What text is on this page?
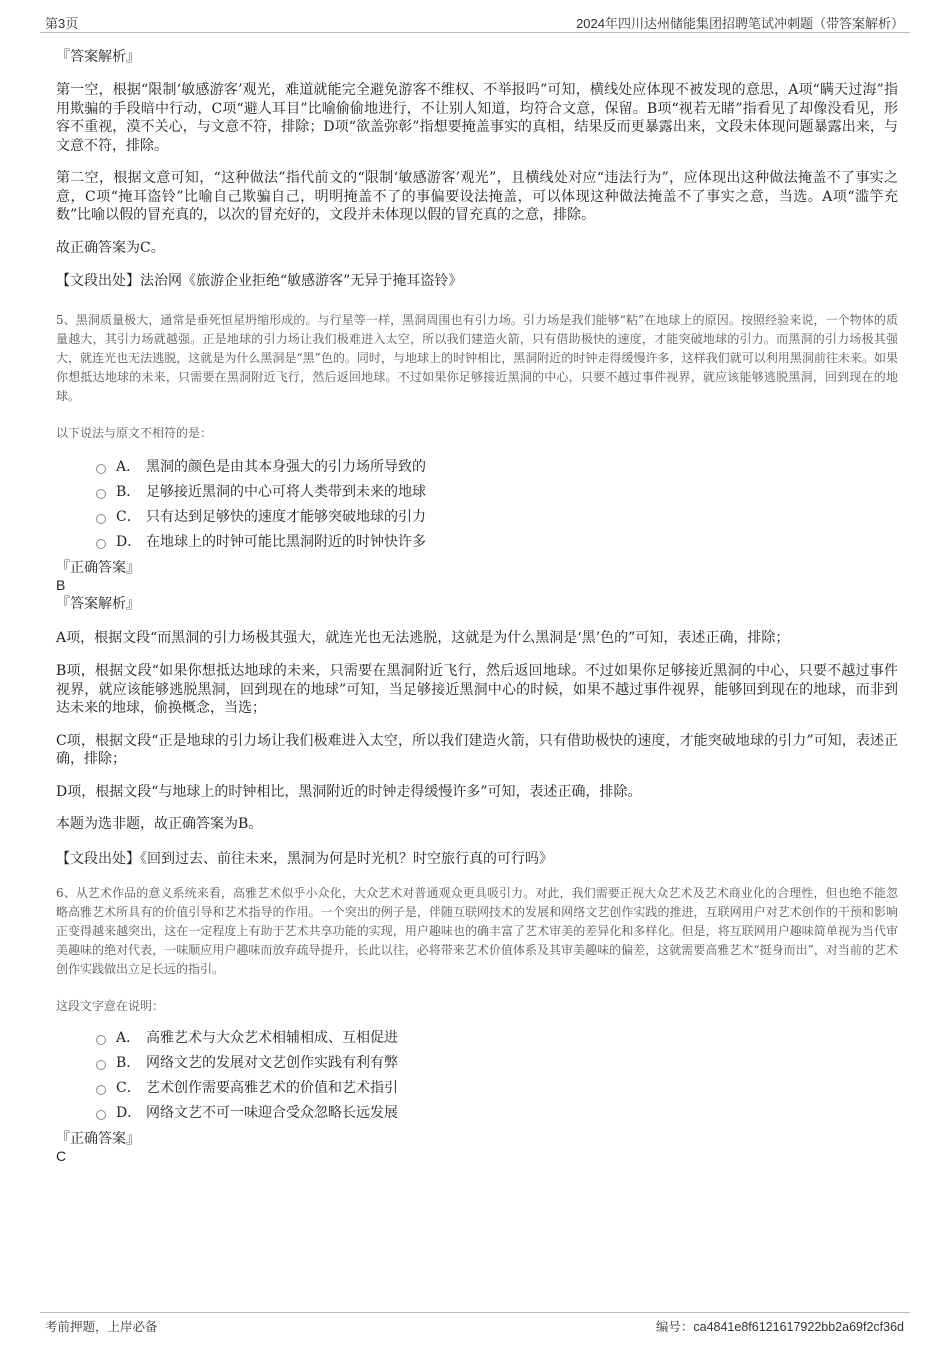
第3页	2024年四川达州储能集团招聘笔试冲刺题（带答案解析）

『答案解析』

第一空，根据“限制‘敏感游客’观光，难道就能完全避免游客不维权、不举报吗”可知，横线处应体现不被发现的意思，A项“瞒天过海”指用欺骗的手段暗中行动，C项“避人耳目”比喻偷偷地进行，不让别人知道，均符合文意，保留。B项“视若无睹”指看见了却像没看见，形容不重视，漠不关心，与文意不符，排除；D项“欲盖弥彰”指想要掩盖事实的真相，结果反而更暴露出来，文段未体现问题暴露出来，与文意不符，排除。

第二空，根据文意可知，“这种做法”指代前文的“限制‘敏感游客’观光”，且横线处对应“违法行为”，应体现出这种做法掩盖不了事实之意，C项“掩耳盗铃”比喻自己欺骗自己，明明掩盖不了的事偏要设法掩盖，可以体现这种做法掩盖不了事实之意，当选。A项“滥竽充数”比喻以假的冒充真的，以次的冒充好的，文段并未体现以假的冒充真的之意，排除。

故正确答案为C。

【文段出处】法治网《旅游企业拒绝“敏感游客”无异于掩耳盗铃》

5、黑洞质量极大，通常是垂死恒星坍缩形成的。与行星等一样，黑洞周围也有引力场。引力场是我们能够“粘”在地球上的原因。按照经验来说，一个物体的质量越大，其引力场就越强。正是地球的引力场让我们极难进入太空，所以我们建造火箭，只有借助极快的速度，才能突破地球的引力。而黑洞的引力场极其强大，就连光也无法逃脱，这就是为什么黑洞是“黑”色的。同时，与地球上的时钟相比，黑洞附近的时钟走得缓慢许多，这样我们就可以利用黑洞前往未来。如果你想抵达地球的未来，只需要在黑洞附近飞行，然后返回地球。不过如果你足够接近黑洞的中心，只要不越过事件视界，就应该能够逃脱黑洞，回到现在的地球。

以下说法与原文不相符的是：

A． 黑洞的颜色是由其本身强大的引力场所导致的
B． 足够接近黑洞的中心可将人类带到未来的地球
C． 只有达到足够快的速度才能够突破地球的引力
D． 在地球上的时钟可能比黑洞附近的时钟快许多

『正确答案』

B

『答案解析』

A项，根据文段“而黑洞的引力场极其强大，就连光也无法逃脱，这就是为什么黑洞是‘黑’色的”可知，表述正确，排除；

B项，根据文段“如果你想抵达地球的未来，只需要在黑洞附近飞行，然后返回地球。不过如果你足够接近黑洞的中心，只要不越过事件视界，就应该能够逃脱黑洞，回到现在的地球”可知，当足够接近黑洞中心的时候，如果不越过事件视界，能够回到现在的地球，而非到达未来的地球，偷换概念，当选；

C项，根据文段“正是地球的引力场让我们极难进入太空，所以我们建造火箭，只有借助极快的速度，才能突破地球的引力”可知，表述正确，排除；

D项，根据文段“与地球上的时钟相比，黑洞附近的时钟走得缓慢许多”可知，表述正确，排除。

本题为选非题，故正确答案为B。

【文段出处】《回到过去、前往未来，黑洞为何是时光机？时空旅行真的可行吗》

6、从艺术作品的意义系统来看，高雅艺术似乎小众化，大众艺术对普通观众更具吸引力。对此，我们需要正视大众艺术及艺术商业化的合理性，但也绝不能忽略高雅艺术所具有的价值引导和艺术指导的作用。一个突出的例子是，伴随互联网技术的发展和网络文艺创作实践的推进，互联网用户对艺术创作的干预和影响正变得越来越突出，这在一定程度上有助于艺术共享功能的实现，用户趣味也的确丰富了艺术审美的差异化和多样化。但是，将互联网用户趣味简单视为当代审美趣味的绝对代表，一味顺应用户趣味而放弃疏导提升，长此以往，必将带来艺术价值体系及其审美趣味的偏差，这就需要高雅艺术“挺身而出”，对当前的艺术创作实践做出立足长远的指引。

这段文字意在说明：

A． 高雅艺术与大众艺术相辅相成、互相促进
B． 网络文艺的发展对文艺创作实践有利有弊
C． 艺术创作需要高雅艺术的价值和艺术指引
D． 网络文艺不可一味迎合受众忽略长远发展

『正确答案』

C

考前押题，上岸必备	编号：ca4841e8f6121617922bb2a69f2cf36d
